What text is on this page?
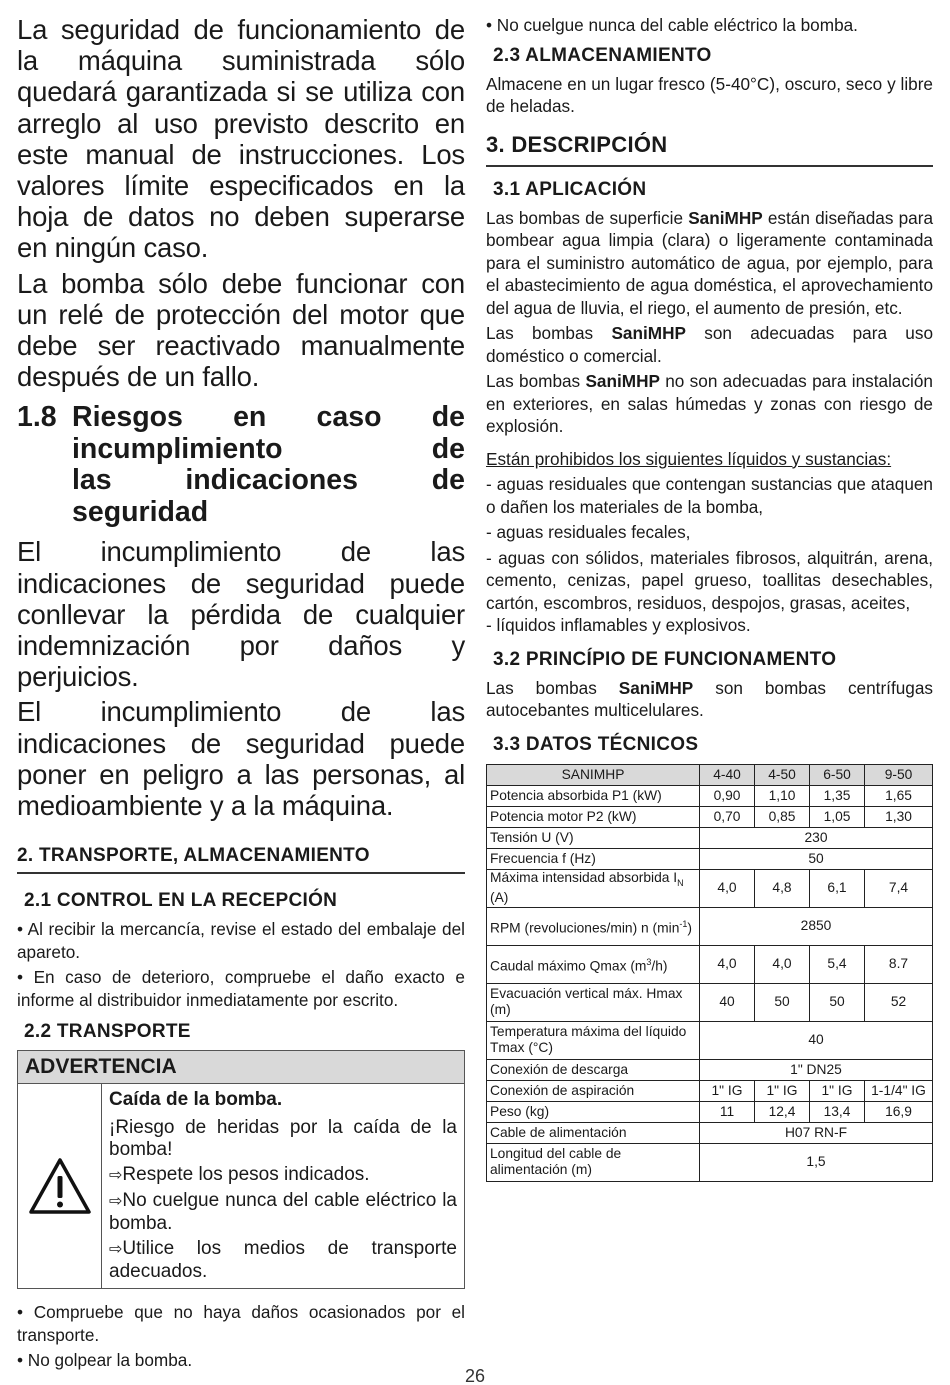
La seguridad de funcionamiento de la máquina suministrada sólo quedará garantizada si se utiliza con arreglo al uso previsto descrito en este manual de instrucciones. Los valores límite especificados en la hoja de datos no deben superarse en ningún caso.

La bomba sólo debe funcionar con un relé de protección del motor que debe ser reactivado manualmente después de un fallo.

1.8 Riesgos en caso de
incumplimiento de
las indicaciones de
seguridad

El incumplimiento de las indicaciones de seguridad puede conllevar la pérdida de cualquier indemnización por daños y perjuicios.

El incumplimiento de las indicaciones de seguridad puede poner en peligro a las personas, al medioambiente y a la máquina.

2. TRANSPORTE, ALMACENAMIENTO
2.1 CONTROL EN LA RECEPCIÓN

• Al recibir la mercancía, revise el estado del embalaje del apareto.

• En caso de deterioro, compruebe el daño exacto e informe al distribuidor inmediatamente por escrito.

2.2 TRANSPORTE
ADVERTENCIA
Caída de la bomba.
¡Riesgo de heridas por la caída de la bomba!
⇨Respete los pesos indicados.
⇨No cuelgue nunca del cable eléctrico la bomba.
⇨Utilice los medios de transporte adecuados.

• Compruebe que no haya daños ocasionados por el transporte.

• No golpear la bomba.

• No cuelgue nunca del cable eléctrico la bomba.

2.3 ALMACENAMIENTO

Almacene en un lugar fresco (5-40°C), oscuro, seco y libre de heladas.

3. DESCRIPCIÓN
3.1 APLICACIÓN

Las bombas de superficie SaniMHP están diseñadas para bombear agua limpia (clara) o ligeramente contaminada para el suministro automático de agua, por ejemplo, para el abastecimiento de agua doméstica, el aprovechamiento del agua de lluvia, el riego, el aumento de presión, etc.

Las bombas SaniMHP son adecuadas para uso doméstico o comercial.

Las bombas SaniMHP no son adecuadas para instalación en exteriores, en salas húmedas y zonas con riesgo de explosión.

Están prohibidos los siguientes líquidos y sustancias:

- aguas residuales que contengan sustancias que ataquen o dañen los materiales de la bomba,

- aguas residuales fecales,

- aguas con sólidos, materiales fibrosos, alquitrán, arena, cemento, cenizas, papel grueso, toallitas desechables, cartón, escombros, residuos, despojos, grasas, aceites,

- líquidos inflamables y explosivos.

3.2 PRINCÍPIO DE FUNCIONAMENTO

Las bombas SaniMHP son bombas centrífugas autocebantes multicelulares.

3.3 DATOS TÉCNICOS
SANIMHP	4-40	4-50	6-50	9-50
Potencia absorbida P1 (kW)	0,90	1,10	1,35	1,65
Potencia motor P2 (kW)	0,70	0,85	1,05	1,30
Tensión U (V)	230			
Frecuencia f (Hz)	50			
Máxima intensidad absorbida $I_N$ (A)	4,0	4,8	6,1	7,4
RPM (revoluciones/min) n $(\min^{-1})$	2850			
Caudal máximo Qmax $(m^3/h)$	4,0	4,0	5,4	8.7
Evacuación vertical máx. Hmax (m)	40	50	50	52
Temperatura máxima del líquido Tmax (°C)	40			
Conexión de descarga	1" DN25			
Conexión de aspiración	1" IG	1" IG	1" IG	1-1/4" IG
Peso (kg)	11	12,4	13,4	16,9
Cable de alimentación	H07 RN-F			
Longitud del cable de alimentación (m)	1,5			
26
